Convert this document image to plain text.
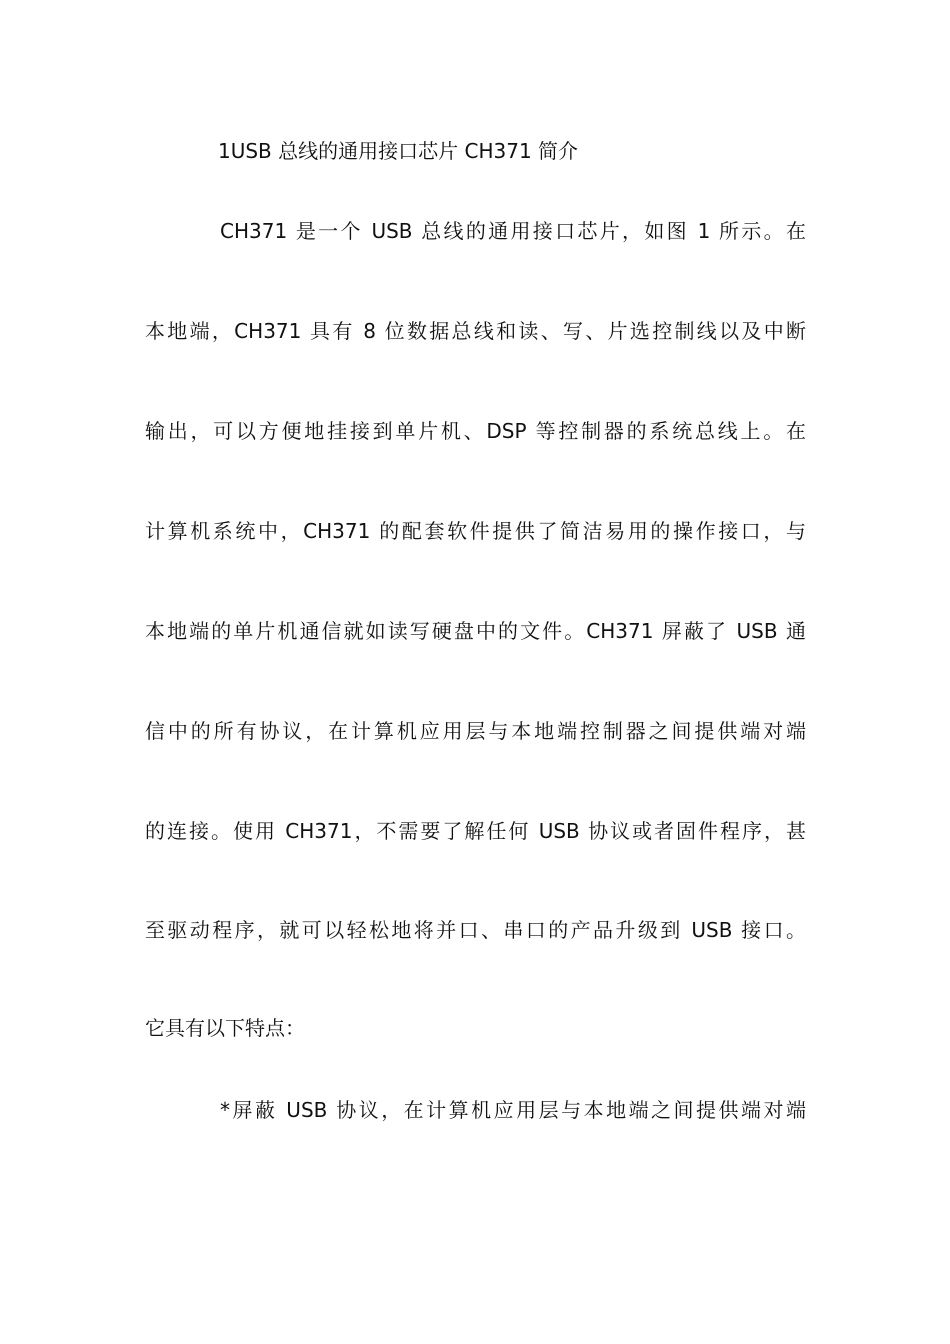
1USB 总线的通用接口芯片 CH371 简介
CH371 是一个 USB 总线的通用接口芯片，如图 1 所示。在
本地端，CH371 具有 8 位数据总线和读、写、片选控制线以及中断
输出，可以方便地挂接到单片机、DSP 等控制器的系统总线上。在
计算机系统中，CH371 的配套软件提供了简洁易用的操作接口，与
本地端的单片机通信就如读写硬盘中的文件。CH371 屏蔽了 USB 通
信中的所有协议，在计算机应用层与本地端控制器之间提供端对端
的连接。使用 CH371，不需要了解任何 USB 协议或者固件程序，甚
至驱动程序，就可以轻松地将并口、串口的产品升级到 USB 接口。
它具有以下特点：
*屏蔽 USB 协议，在计算机应用层与本地端之间提供端对端
